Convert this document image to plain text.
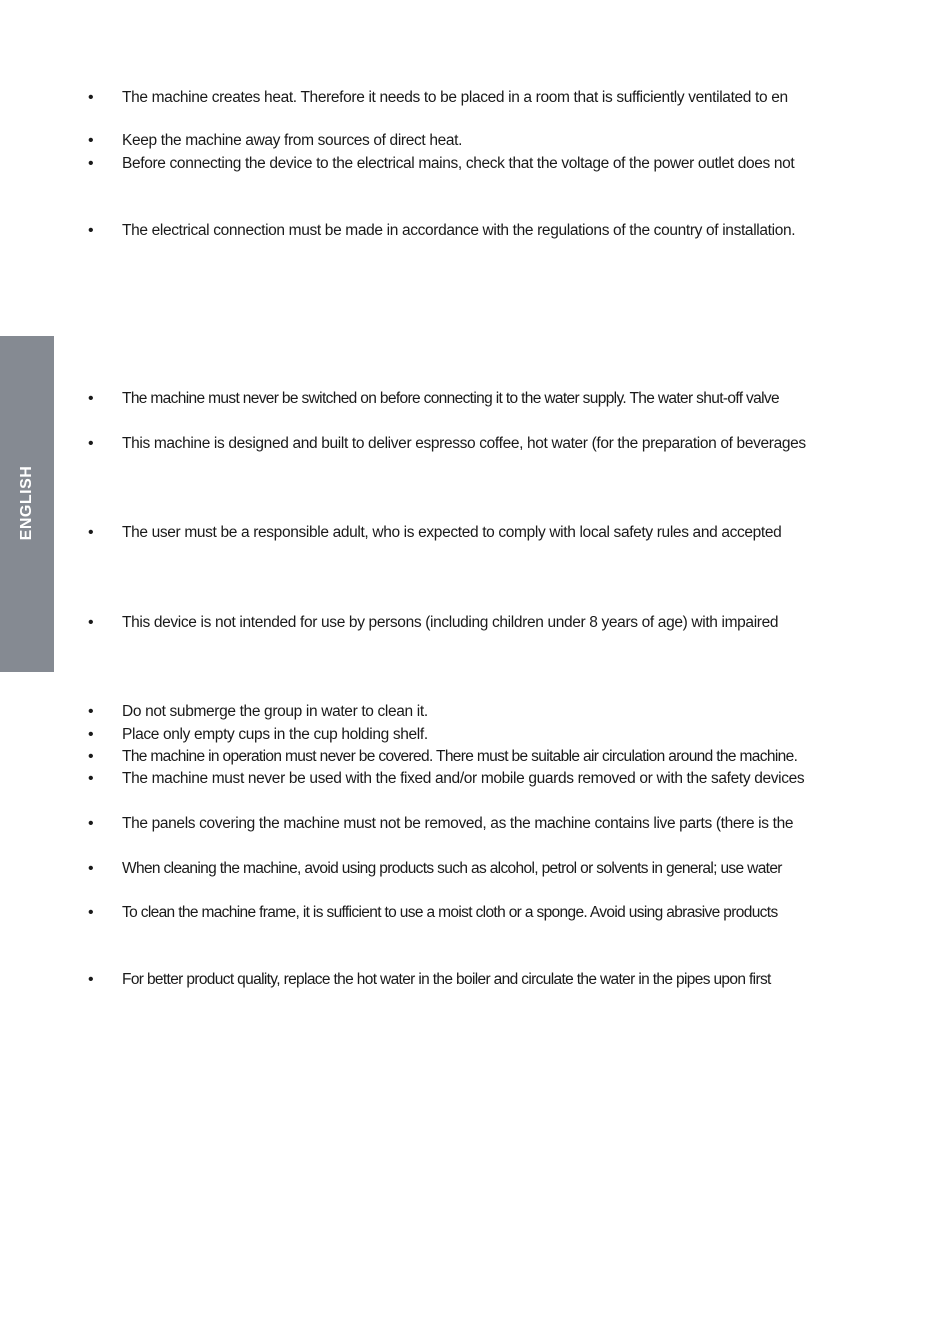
ENGLISH
• The machine creates heat. Therefore it needs to be placed in a room that is sufficiently ventilated to en
• Keep the machine away from sources of direct heat.
• Before connecting the device to the electrical mains, check that the voltage of the power outlet does not
• The electrical connection must be made in accordance with the regulations of the country of installation.
• The machine must never be switched on before connecting it to the water supply. The water shut-off valve
• This machine is designed and built to deliver espresso coffee, hot water (for the preparation of beverages
• The user must be a responsible adult, who is expected to comply with local safety rules and accepted
• This device is not intended for use by persons (including children under 8 years of age) with impaired
• Do not submerge the group in water to clean it.
• Place only empty cups in the cup holding shelf.
• The machine in operation must never be covered. There must be suitable air circulation around the machine.
• The machine must never be used with the fixed and/or mobile guards removed or with the safety devices
• The panels covering the machine must not be removed, as the machine contains live parts (there is the
• When cleaning the machine, avoid using products such as alcohol, petrol or solvents in general; use water
• To clean the machine frame, it is sufficient to use a moist cloth or a sponge. Avoid using abrasive products
• For better product quality, replace the hot water in the boiler and circulate the water in the pipes upon first
